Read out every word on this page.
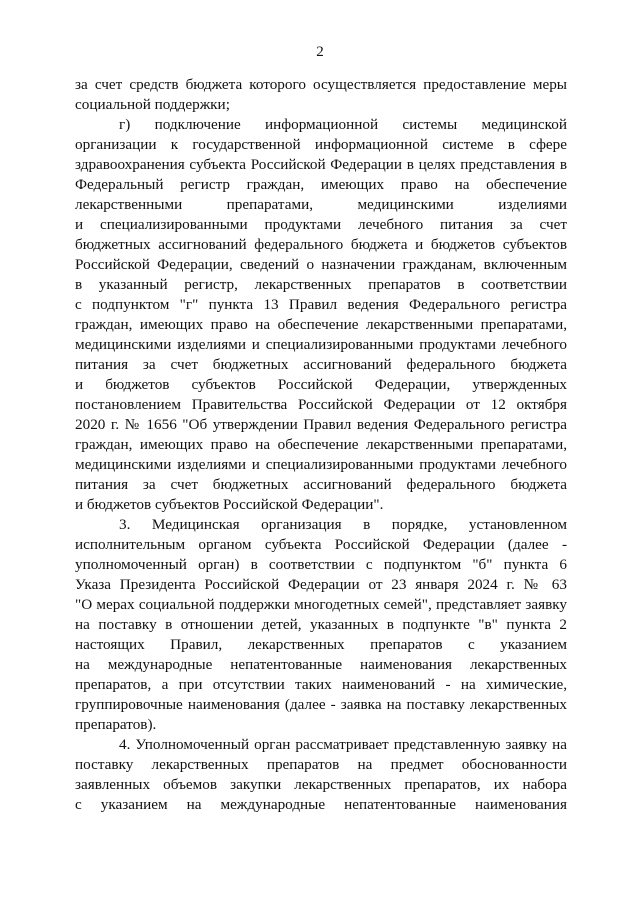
2
за счет средств бюджета которого осуществляется предоставление меры
социальной поддержки;
г) подключение информационной системы медицинской
организации к государственной информационной системе в сфере
здравоохранения субъекта Российской Федерации в целях представления в
Федеральный регистр граждан, имеющих право на обеспечение
лекарственными препаратами, медицинскими изделиями
и специализированными продуктами лечебного питания за счет
бюджетных ассигнований федерального бюджета и бюджетов субъектов
Российской Федерации, сведений о назначении гражданам, включенным
в указанный регистр, лекарственных препаратов в соответствии
с подпунктом "г" пункта 13 Правил ведения Федерального регистра
граждан, имеющих право на обеспечение лекарственными препаратами,
медицинскими изделиями и специализированными продуктами лечебного
питания за счет бюджетных ассигнований федерального бюджета
и бюджетов субъектов Российской Федерации, утвержденных
постановлением Правительства Российской Федерации от 12 октября
2020 г. № 1656 "Об утверждении Правил ведения Федерального регистра
граждан, имеющих право на обеспечение лекарственными препаратами,
медицинскими изделиями и специализированными продуктами лечебного
питания за счет бюджетных ассигнований федерального бюджета
и бюджетов субъектов Российской Федерации".
3. Медицинская организация в порядке, установленном
исполнительным органом субъекта Российской Федерации (далее -
уполномоченный орган) в соответствии с подпунктом "б" пункта 6
Указа Президента Российской Федерации от 23 января 2024 г. № 63
"О мерах социальной поддержки многодетных семей", представляет заявку
на поставку в отношении детей, указанных в подпункте "в" пункта 2
настоящих Правил, лекарственных препаратов с указанием
на международные непатентованные наименования лекарственных
препаратов, а при отсутствии таких наименований - на химические,
группировочные наименования (далее - заявка на поставку лекарственных
препаратов).
4. Уполномоченный орган рассматривает представленную заявку на
поставку лекарственных препаратов на предмет обоснованности
заявленных объемов закупки лекарственных препаратов, их набора
с указанием на международные непатентованные наименования
